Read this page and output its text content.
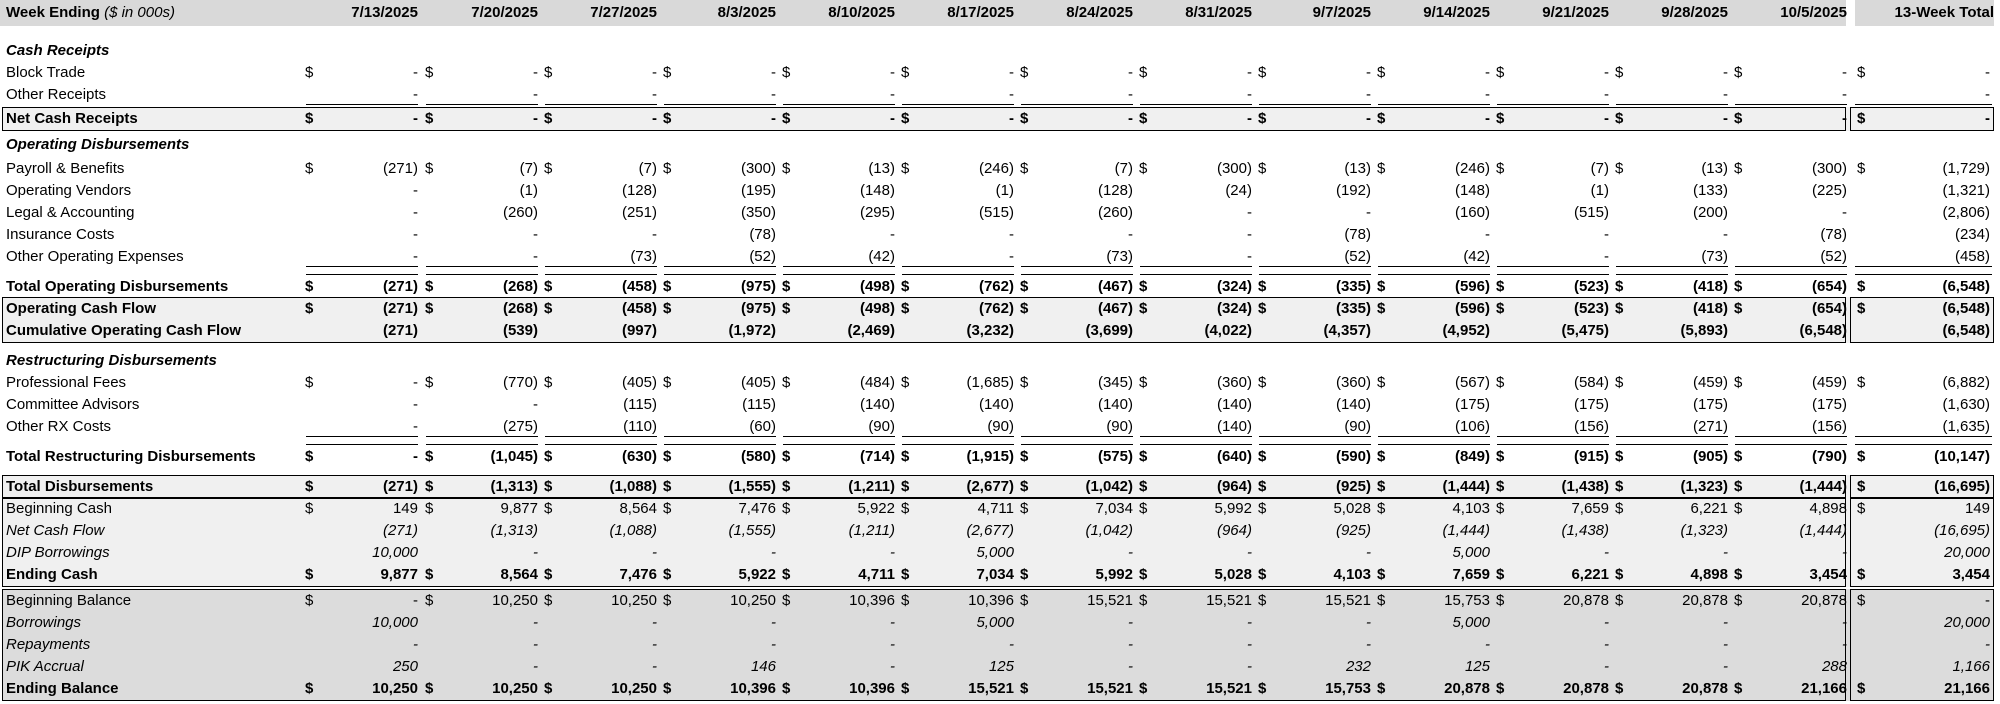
Week Ending ($ in 000s)	7/13/2025	7/20/2025	7/27/2025	8/3/2025	8/10/2025	8/17/2025	8/24/2025	8/31/2025	9/7/2025	9/14/2025	9/21/2025	9/28/2025	10/5/2025	13-Week Total
Cash Receipts
Block Trade	$	- $	- $	- $	- $	- $	- $	- $	- $	- $	- $	- $	- $	- $	-
Other Receipts	-	-	-	-	-	-	-	-	-	-	-	-	-	-
Net Cash Receipts	$	- $	- $	- $	- $	- $	- $	- $	- $	- $	- $	- $	- $	- $	-
Operating Disbursements
Payroll & Benefits	$	(271) $	(7) $	(7) $	(300) $	(13) $	(246) $	(7) $	(300) $	(13) $	(246) $	(7) $	(13) $	(300) $	(1,729)
Operating Vendors	-	(1)	(128)	(195)	(148)	(1)	(128)	(24)	(192)	(148)	(1)	(133)	(225)	(1,321)
Legal & Accounting	-	(260)	(251)	(350)	(295)	(515)	(260)	-	-	(160)	(515)	(200)	-	(2,806)
Insurance Costs	-	-	-	(78)	-	-	-	-	(78)	-	-	-	(78)	(234)
Other Operating Expenses	-	-	(73)	(52)	(42)	-	(73)	-	(52)	(42)	-	(73)	(52)	(458)
Total Operating Disbursements	$	(271) $	(268) $	(458) $	(975) $	(498) $	(762) $	(467) $	(324) $	(335) $	(596) $	(523) $	(418) $	(654) $	(6,548)
Operating Cash Flow	$	(271) $	(268) $	(458) $	(975) $	(498) $	(762) $	(467) $	(324) $	(335) $	(596) $	(523) $	(418) $	(654) $	(6,548)
Cumulative Operating Cash Flow	(271)	(539)	(997)	(1,972)	(2,469)	(3,232)	(3,699)	(4,022)	(4,357)	(4,952)	(5,475)	(5,893)	(6,548)	(6,548)
Restructuring Disbursements
Professional Fees	$	- $	(770) $	(405) $	(405) $	(484) $	(1,685) $	(345) $	(360) $	(360) $	(567) $	(584) $	(459) $	(459) $	(6,882)
Committee Advisors	-	-	(115)	(115)	(140)	(140)	(140)	(140)	(140)	(175)	(175)	(175)	(175)	(1,630)
Other RX Costs	-	(275)	(110)	(60)	(90)	(90)	(90)	(140)	(90)	(106)	(156)	(271)	(156)	(1,635)
Total Restructuring Disbursements	$	- $	(1,045) $	(630) $	(580) $	(714) $	(1,915) $	(575) $	(640) $	(590) $	(849) $	(915) $	(905) $	(790) $	(10,147)
Total Disbursements	$	(271) $	(1,313) $	(1,088) $	(1,555) $	(1,211) $	(2,677) $	(1,042) $	(964) $	(925) $	(1,444) $	(1,438) $	(1,323) $	(1,444) $	(16,695)
Beginning Cash	$	149 $	9,877 $	8,564 $	7,476 $	5,922 $	4,711 $	7,034 $	5,992 $	5,028 $	4,103 $	7,659 $	6,221 $	4,898 $	149
Net Cash Flow	(271)	(1,313)	(1,088)	(1,555)	(1,211)	(2,677)	(1,042)	(964)	(925)	(1,444)	(1,438)	(1,323)	(1,444)	(16,695)
DIP Borrowings	10,000	-	-	-	-	5,000	-	-	-	5,000	-	-	-	20,000
Ending Cash	$	9,877 $	8,564 $	7,476 $	5,922 $	4,711 $	7,034 $	5,992 $	5,028 $	4,103 $	7,659 $	6,221 $	4,898 $	3,454 $	3,454
Beginning Balance	$	- $	10,250 $	10,250 $	10,250 $	10,396 $	10,396 $	15,521 $	15,521 $	15,521 $	15,753 $	20,878 $	20,878 $	20,878 $	-
Borrowings	10,000	-	-	-	-	5,000	-	-	-	5,000	-	-	-	20,000
Repayments	-	-	-	-	-	-	-	-	-	-	-	-	-	-
PIK Accrual	250	-	-	146	-	125	-	-	232	125	-	-	288	1,166
Ending Balance	$	10,250 $	10,250 $	10,250 $	10,396 $	10,396 $	15,521 $	15,521 $	15,521 $	15,753 $	20,878 $	20,878 $	20,878 $	21,166 $	21,166
